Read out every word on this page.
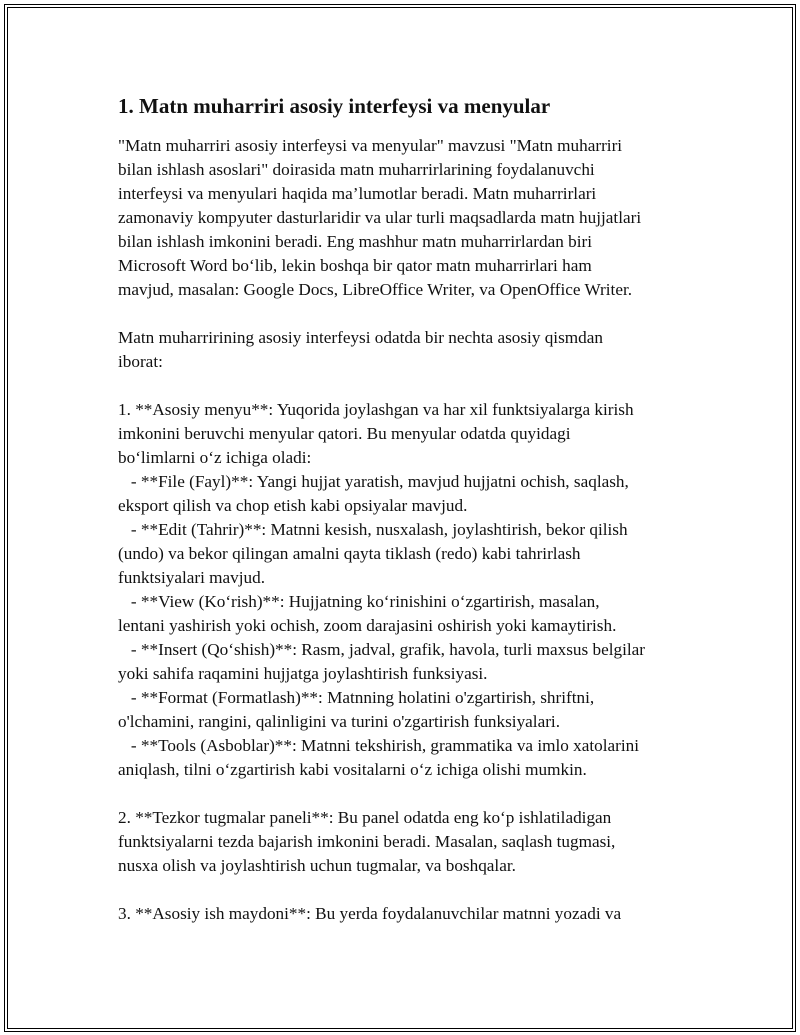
1. Matn muharriri asosiy interfeysi va menyular

"Matn muharriri asosiy interfeysi va menyular" mavzusi "Matn muharriri
bilan ishlash asoslari" doirasida matn muharrirlarining foydalanuvchi
interfeysi va menyulari haqida ma’lumotlar beradi. Matn muharrirlari
zamonaviy kompyuter dasturlaridir va ular turli maqsadlarda matn hujjatlari
bilan ishlash imkonini beradi. Eng mashhur matn muharrirlardan biri
Microsoft Word boʻlib, lekin boshqa bir qator matn muharrirlari ham
mavjud, masalan: Google Docs, LibreOffice Writer, va OpenOffice Writer.

Matn muharririning asosiy interfeysi odatda bir nechta asosiy qismdan
iborat:

1. **Asosiy menyu**: Yuqorida joylashgan va har xil funktsiyalarga kirish
imkonini beruvchi menyular qatori. Bu menyular odatda quyidagi
boʻlimlarni oʻz ichiga oladi:
- **File (Fayl)**: Yangi hujjat yaratish, mavjud hujjatni ochish, saqlash,
eksport qilish va chop etish kabi opsiyalar mavjud.
- **Edit (Tahrir)**: Matnni kesish, nusxalash, joylashtirish, bekor qilish
(undo) va bekor qilingan amalni qayta tiklash (redo) kabi tahrirlash
funktsiyalari mavjud.
- **View (Koʻrish)**: Hujjatning koʻrinishini oʻzgartirish, masalan,
lentani yashirish yoki ochish, zoom darajasini oshirish yoki kamaytirish.
- **Insert (Qoʻshish)**: Rasm, jadval, grafik, havola, turli maxsus belgilar
yoki sahifa raqamini hujjatga joylashtirish funksiyasi.
- **Format (Formatlash)**: Matnning holatini o'zgartirish, shriftni,
o'lchamini, rangini, qalinligini va turini o'zgartirish funksiyalari.
- **Tools (Asboblar)**: Matnni tekshirish, grammatika va imlo xatolarini
aniqlash, tilni oʻzgartirish kabi vositalarni oʻz ichiga olishi mumkin.

2. **Tezkor tugmalar paneli**: Bu panel odatda eng koʻp ishlatiladigan
funktsiyalarni tezda bajarish imkonini beradi. Masalan, saqlash tugmasi,
nusxa olish va joylashtirish uchun tugmalar, va boshqalar.

3. **Asosiy ish maydoni**: Bu yerda foydalanuvchilar matnni yozadi va
